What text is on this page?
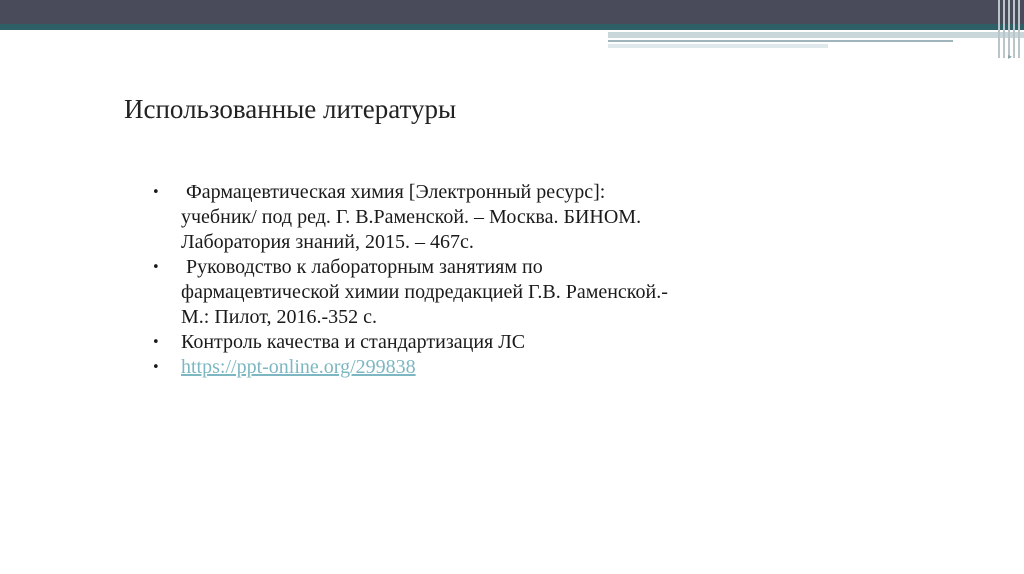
▸
Использованные литературы
• Фармацевтическая химия [Электронный ресурс]:
учебник/ под ред. Г. В.Раменской. – Москва. БИНОМ.
Лаборатория знаний, 2015. – 467с.
• Руководство к лабораторным занятиям по
фармацевтической химии подредакцией Г.В. Раменской.-
М.: Пилот, 2016.-352 с.
• Контроль качества и стандартизация ЛС
• https://ppt-online.org/299838
